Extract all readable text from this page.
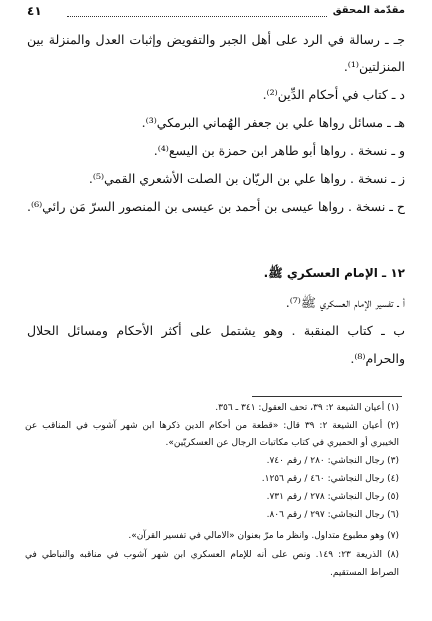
مقدّمة المحقق
٤١
جـ ـ رسالة في الرد على أهل الجبر والتفويض وإثبات العدل والمنزلة بين
المنزلتين⁽¹⁾.
د ـ كتاب في أحكام الدِّين⁽²⁾.
هـ ـ مسائل رواها علي بن جعفر الهُماني البرمكي⁽³⁾.
و ـ نسخة . رواها أبو طاهر ابن حمزة بن اليسع⁽⁴⁾.
ز ـ نسخة . رواها علي بن الريّان بن الصلت الأشعري القمي⁽⁵⁾.
ح ـ نسخة . رواها عيسى بن أحمد بن عيسى بن المنصور السرّ مَن رائي⁽⁶⁾.
١٢ ـ الإمام العسكري ﷺ.
أ ـ تفسير الإمام العسكري ﷺ⁽⁷⁾.
ب ـ كتاب المنقبة . وهو يشتمل على أكثر الأحكام ومسائل الحلال
والحرام⁽⁸⁾.
(١) أعيان الشيعة ٢: ٣٩، تحف العقول: ٣٤١ ـ ٣٥٦.
(٢) أعيان الشيعة ٢: ٣٩ قال: «قطعة من أحكام الدين ذكرها ابن شهر آشوب في المناقب عن
الخيبري أو الحميري في كتاب مكاتبات الرجال عن العسكريّين».
(٣) رجال النجاشي: ٢٨٠ / رقم ٧٤٠.
(٤) رجال النجاشي: ٤٦٠ / رقم ١٢٥٦.
(٥) رجال النجاشي: ٢٧٨ / رقم ٧٣١.
(٦) رجال النجاشي: ٢٩٧ / رقم ٨٠٦.
(٧) وهو مطبوع متداول. وانظر ما مرّ بعنوان «الامالي في تفسير القرآن».
(٨) الذريعة ٢٣: ١٤٩. ونص على أنه للإمام العسكري ابن شهر آشوب في مناقبه والنباطي في
الصراط المستقيم.
